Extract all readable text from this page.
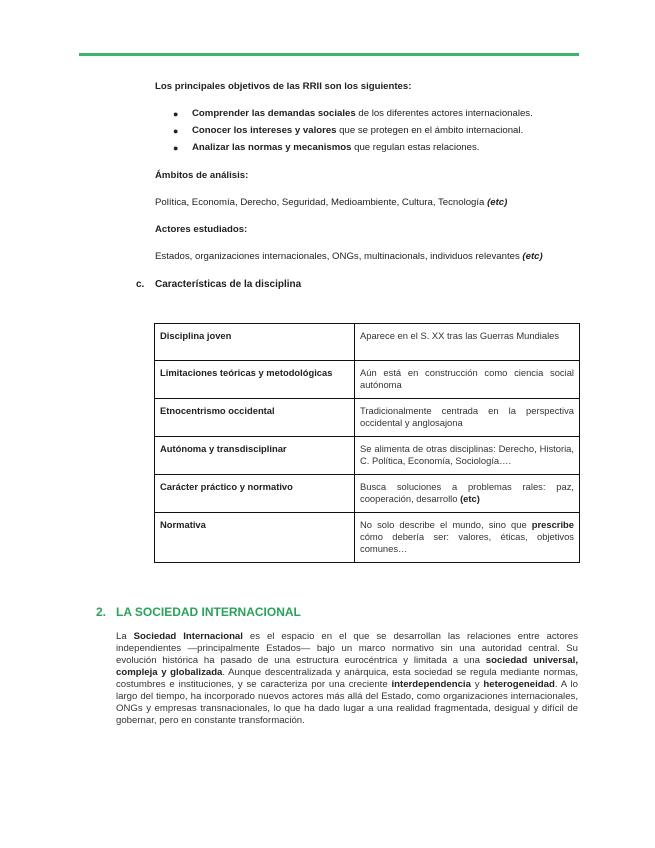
Los principales objetivos de las RRII son los siguientes:
● Comprender las demandas sociales de los diferentes actores internacionales.
● Conocer los intereses y valores que se protegen en el ámbito internacional.
● Analizar las normas y mecanismos que regulan estas relaciones.
Ámbitos de análisis:
Política, Economía, Derecho, Seguridad, Medioambiente, Cultura, Tecnología (etc)
Actores estudiados:
Estados, organizaciones internacionales, ONGs, multinacionals, individuos relevantes (etc)
c. Características de la disciplina
Disciplina joven	Aparece en el S. XX tras las Guerras Mundiales
Limitaciones teóricas y metodológicas	Aún está en construcción como ciencia social autónoma
Etnocentrismo occidental	Tradicionalmente centrada en la perspectiva occidental y anglosajona
Autónoma y transdisciplinar	Se alimenta de otras disciplinas: Derecho, Historia, C. Política, Economía, Sociología….
Carácter práctico y normativo	Busca soluciones a problemas rales: paz, cooperación, desarrollo (etc)
Normativa	No solo describe el mundo, sino que prescribe cómo debería ser: valores, éticas, objetivos comunes…
2. LA SOCIEDAD INTERNACIONAL
La Sociedad Internacional es el espacio en el que se desarrollan las relaciones entre actores independientes —principalmente Estados— bajo un marco normativo sin una autoridad central. Su evolución histórica ha pasado de una estructura eurocéntrica y limitada a una sociedad universal, compleja y globalizada. Aunque descentralizada y anárquica, esta sociedad se regula mediante normas, costumbres e instituciones, y se caracteriza por una creciente interdependencia y heterogeneidad. A lo largo del tiempo, ha incorporado nuevos actores más allá del Estado, como organizaciones internacionales, ONGs y empresas transnacionales, lo que ha dado lugar a una realidad fragmentada, desigual y difícil de gobernar, pero en constante transformación.
